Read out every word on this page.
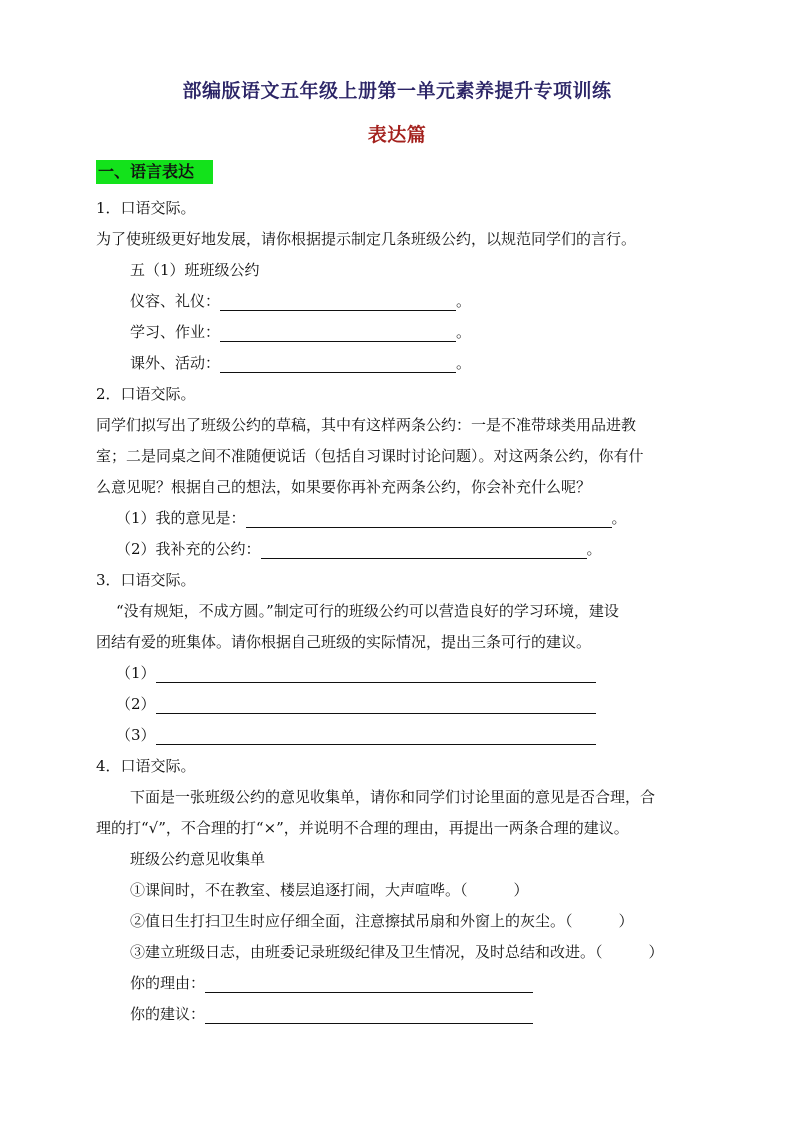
部编版语文五年级上册第一单元素养提升专项训练
表达篇
一、语言表达
1．口语交际。
为了使班级更好地发展，请你根据提示制定几条班级公约，以规范同学们的言行。
五（1）班班级公约
仪容、礼仪：	。
学习、作业：	。
课外、活动：	。
2．口语交际。
同学们拟写出了班级公约的草稿，其中有这样两条公约：一是不准带球类用品进教
室；二是同桌之间不准随便说话（包括自习课时讨论问题）。对这两条公约，你有什
么意见呢？根据自己的想法，如果要你再补充两条公约，你会补充什么呢？
（1）我的意见是：	。
（2）我补充的公约：	。
3．口语交际。
“没有规矩，不成方圆。”制定可行的班级公约可以营造良好的学习环境，建设
团结有爱的班集体。请你根据自己班级的实际情况，提出三条可行的建议。
（1）
（2）
（3）
4．口语交际。
下面是一张班级公约的意见收集单，请你和同学们讨论里面的意见是否合理，合
理的打“√”，不合理的打“×”，并说明不合理的理由，再提出一两条合理的建议。
班级公约意见收集单
①课间时，不在教室、楼层追逐打闹，大声喧哗。（	）
②值日生打扫卫生时应仔细全面，注意擦拭吊扇和外窗上的灰尘。（	）
③建立班级日志，由班委记录班级纪律及卫生情况，及时总结和改进。（	）
你的理由：
你的建议：
